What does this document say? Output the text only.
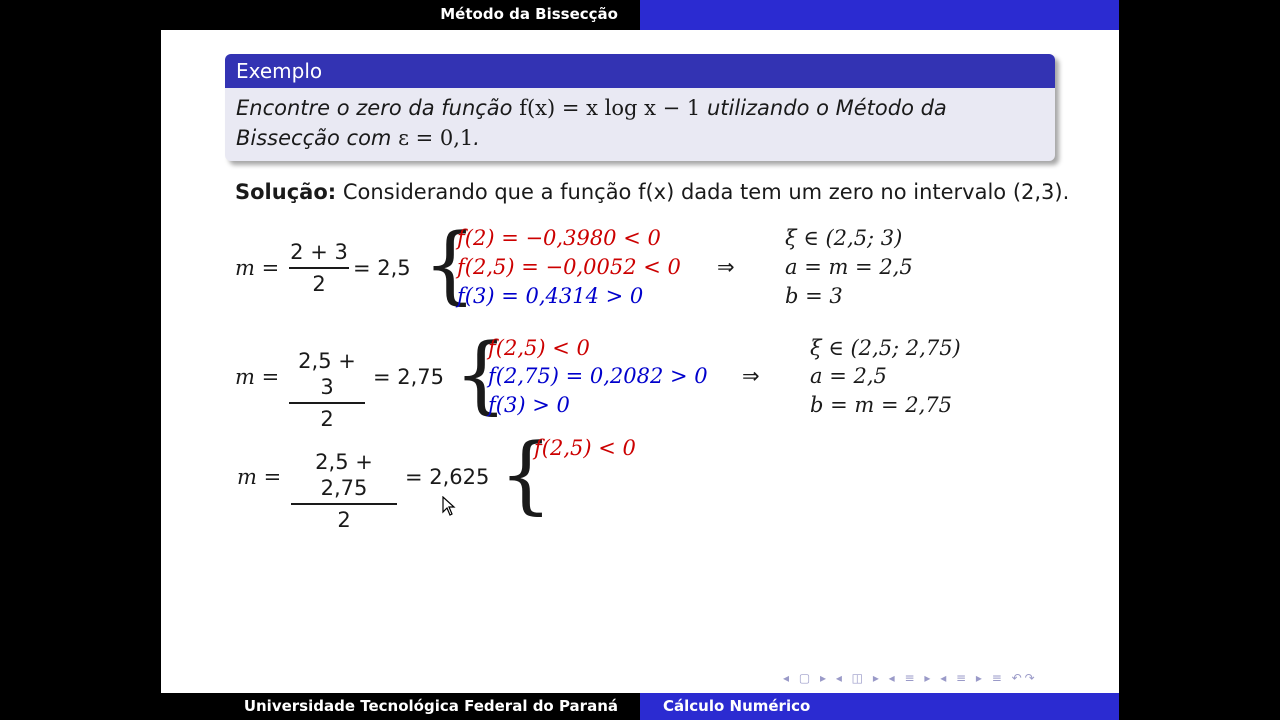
Método da Bissecção
Exemplo
Encontre o zero da função f(x) = x log x − 1 utilizando o Método da
Bissecção com ε = 0,1.
Solução: Considerando que a função f(x) dada tem um zero no intervalo (2,3).
m =
2 + 3
2
= 2,5 {
f(2) = −0,3980 < 0
f(2,5) = −0,0052 < 0
f(3) = 0,4314 > 0
⇒
ξ ∈ (2,5; 3)
a = m = 2,5
b = 3
m =
2,5 + 3
2
= 2,75 {
f(2,5) < 0
f(2,75) = 0,2082 > 0
f(3) > 0
⇒
ξ ∈ (2,5; 2,75)
a = 2,5
b = m = 2,75
m =
2,5 + 2,75
2
= 2,625 {
f(2,5) < 0
◂ ▢ ▸ ◂ ◫ ▸ ◂ ≡ ▸ ◂ ≡ ▸ ≡ ↶↷
Universidade Tecnológica Federal do Paraná	Cálculo Numérico
